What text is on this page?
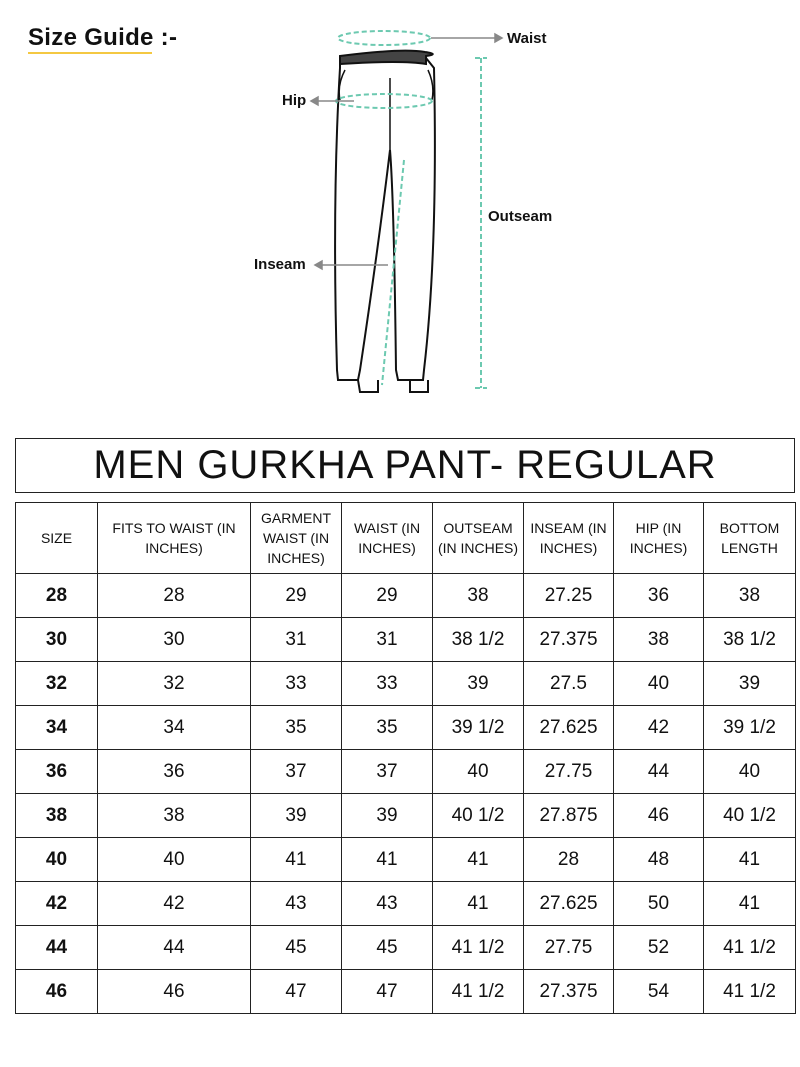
Size Guide :-	Waist
Hip
Outseam
Inseam
MEN GURKHA PANT- REGULAR
SIZE	FITS TO WAIST (IN INCHES)	GARMENT WAIST (IN INCHES)	WAIST (IN INCHES)	OUTSEAM (IN INCHES)	INSEAM (IN INCHES)	HIP (IN INCHES)	BOTTOM LENGTH
28	28	29	29	38	27.25	36	38
30	30	31	31	38 1/2	27.375	38	38 1/2
32	32	33	33	39	27.5	40	39
34	34	35	35	39 1/2	27.625	42	39 1/2
36	36	37	37	40	27.75	44	40
38	38	39	39	40 1/2	27.875	46	40 1/2
40	40	41	41	41	28	48	41
42	42	43	43	41	27.625	50	41
44	44	45	45	41 1/2	27.75	52	41 1/2
46	46	47	47	41 1/2	27.375	54	41 1/2
